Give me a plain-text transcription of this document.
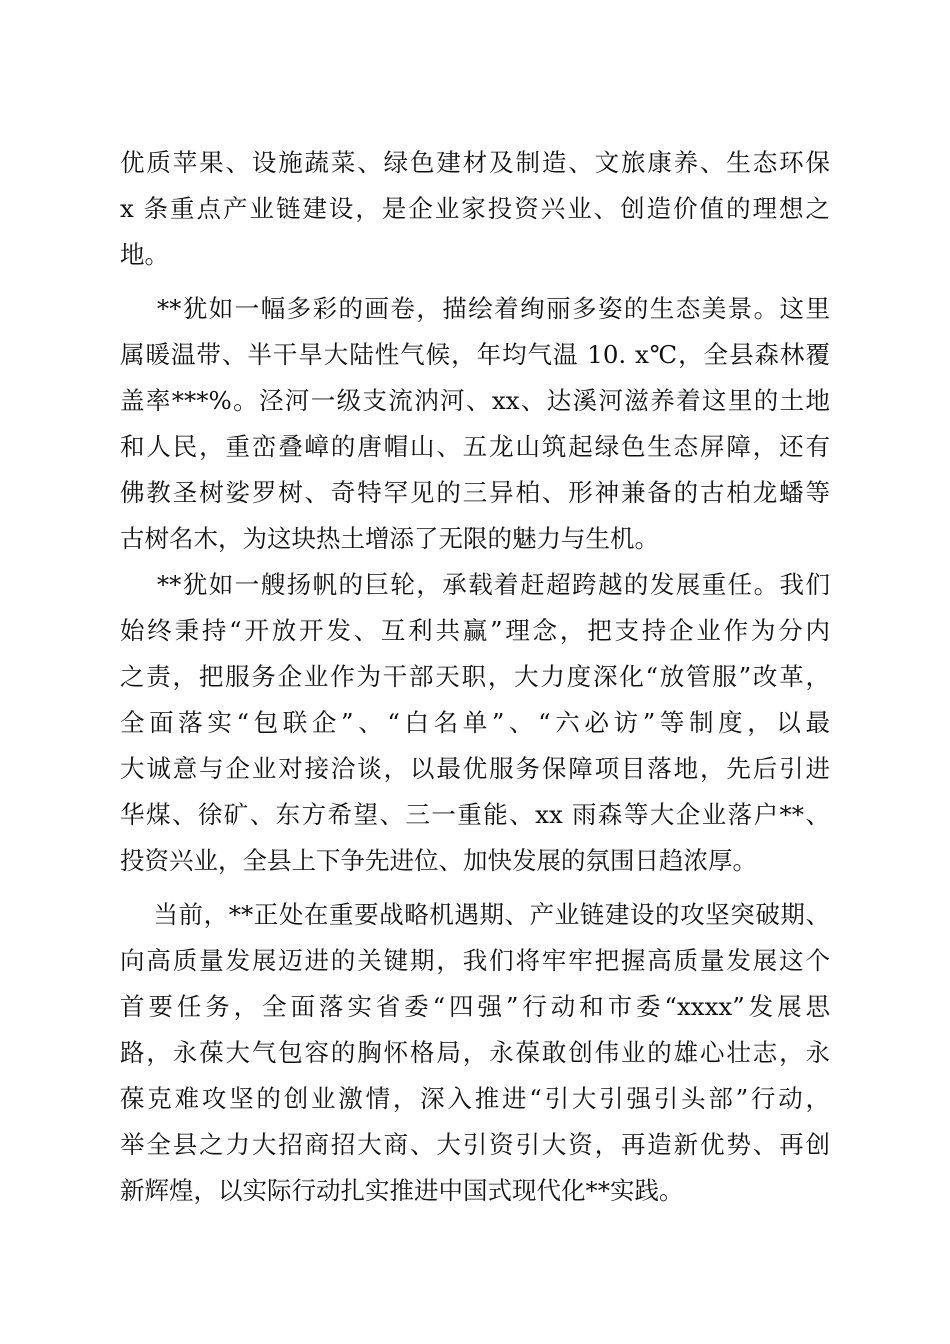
优质苹果、设施蔬菜、绿色建材及制造、文旅康养、生态环保
x 条重点产业链建设，是企业家投资兴业、创造价值的理想之
地。
**犹如一幅多彩的画卷，描绘着绚丽多姿的生态美景。这里
属暖温带、半干旱大陆性气候，年均气温 10. x℃，全县森林覆
盖率***%。泾河一级支流汭河、xx、达溪河滋养着这里的土地
和人民，重峦叠嶂的唐帽山、五龙山筑起绿色生态屏障，还有
佛教圣树娑罗树、奇特罕见的三异柏、形神兼备的古柏龙蟠等
古树名木，为这块热土增添了无限的魅力与生机。
**犹如一艘扬帆的巨轮，承载着赶超跨越的发展重任。我们
始终秉持“开放开发、互利共赢”理念，把支持企业作为分内
之责，把服务企业作为干部天职，大力度深化“放管服”改革，
全面落实“包联企”、“白名单”、“六必访”等制度，以最
大诚意与企业对接洽谈，以最优服务保障项目落地，先后引进
华煤、徐矿、东方希望、三一重能、xx 雨森等大企业落户**、
投资兴业，全县上下争先进位、加快发展的氛围日趋浓厚。
当前，**正处在重要战略机遇期、产业链建设的攻坚突破期、
向高质量发展迈进的关键期，我们将牢牢把握高质量发展这个
首要任务，全面落实省委“四强”行动和市委“xxxx”发展思
路，永葆大气包容的胸怀格局，永葆敢创伟业的雄心壮志，永
葆克难攻坚的创业激情，深入推进“引大引强引头部”行动，
举全县之力大招商招大商、大引资引大资，再造新优势、再创
新辉煌，以实际行动扎实推进中国式现代化**实践。
